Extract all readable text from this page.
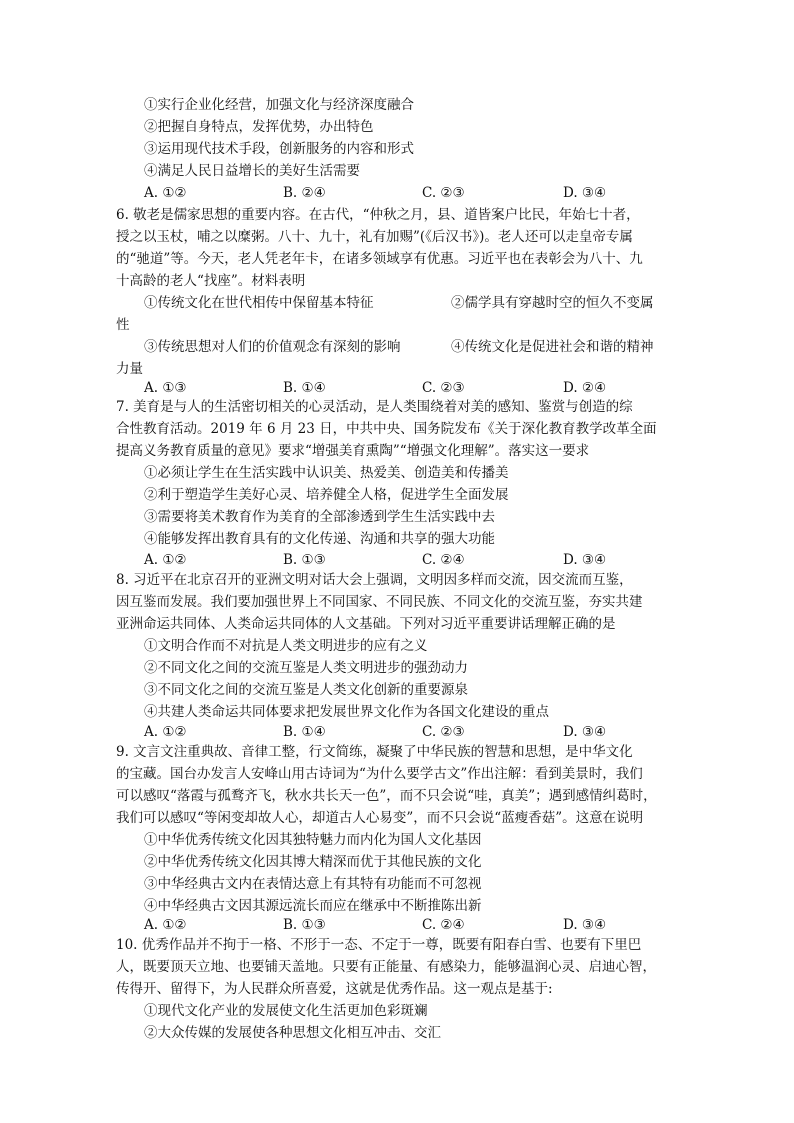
①实行企业化经营，加强文化与经济深度融合
②把握自身特点，发挥优势，办出特色
③运用现代技术手段，创新服务的内容和形式
④满足人民日益增长的美好生活需要
A. ①②	B. ②④	C. ②③	D. ③④
6. 敬老是儒家思想的重要内容。在古代，“仲秋之月，县、道皆案户比民，年始七十者，
授之以玉杖，哺之以糜粥。八十、九十，礼有加赐”(《后汉书》)。老人还可以走皇帝专属
的“驰道”等。今天，老人凭老年卡，在诸多领域享有优惠。习近平也在表彰会为八十、九
十高龄的老人“找座”。材料表明
①传统文化在世代相传中保留基本特征	②儒学具有穿越时空的恒久不变属
性
③传统思想对人们的价值观念有深刻的影响	④传统文化是促进社会和谐的精神
力量
A. ①③	B. ①④	C. ②③	D. ②④
7. 美育是与人的生活密切相关的心灵活动，是人类围绕着对美的感知、鉴赏与创造的综
合性教育活动。2019 年 6 月 23 日，中共中央、国务院发布《关于深化教育教学改革全面
提高义务教育质量的意见》要求“增强美育熏陶”“增强文化理解”。落实这一要求
①必须让学生在生活实践中认识美、热爱美、创造美和传播美
②利于塑造学生美好心灵、培养健全人格，促进学生全面发展
③需要将美术教育作为美育的全部渗透到学生生活实践中去
④能够发挥出教育具有的文化传递、沟通和共享的强大功能
A. ①②	B. ①③	C. ②④	D. ③④
8. 习近平在北京召开的亚洲文明对话大会上强调，文明因多样而交流，因交流而互鉴，
因互鉴而发展。我们要加强世界上不同国家、不同民族、不同文化的交流互鉴，夯实共建
亚洲命运共同体、人类命运共同体的人文基础。下列对习近平重要讲话理解正确的是
①文明合作而不对抗是人类文明进步的应有之义
②不同文化之间的交流互鉴是人类文明进步的强劲动力
③不同文化之间的交流互鉴是人类文化创新的重要源泉
④共建人类命运共同体要求把发展世界文化作为各国文化建设的重点
A. ①②	B. ①④	C. ②③	D. ③④
9. 文言文注重典故、音律工整，行文简练，凝聚了中华民族的智慧和思想，是中华文化
的宝藏。国台办发言人安峰山用古诗词为“为什么要学古文”作出注解：看到美景时，我们
可以感叹“落霞与孤鹜齐飞，秋水共长天一色”，而不只会说“哇，真美”；遇到感情纠葛时，
我们可以感叹“等闲变却故人心，却道古人心易变”，而不只会说“蓝瘦香菇”。这意在说明
①中华优秀传统文化因其独特魅力而内化为国人文化基因
②中华优秀传统文化因其博大精深而优于其他民族的文化
③中华经典古文内在表情达意上有其特有功能而不可忽视
④中华经典古文因其源远流长而应在继承中不断推陈出新
A. ①②	B. ①③	C. ②④	D. ③④
10. 优秀作品并不拘于一格、不形于一态、不定于一尊，既要有阳春白雪、也要有下里巴
人，既要顶天立地、也要铺天盖地。只要有正能量、有感染力，能够温润心灵、启迪心智，
传得开、留得下，为人民群众所喜爱，这就是优秀作品。这一观点是基于:
①现代文化产业的发展使文化生活更加色彩斑斓
②大众传媒的发展使各种思想文化相互冲击、交汇
